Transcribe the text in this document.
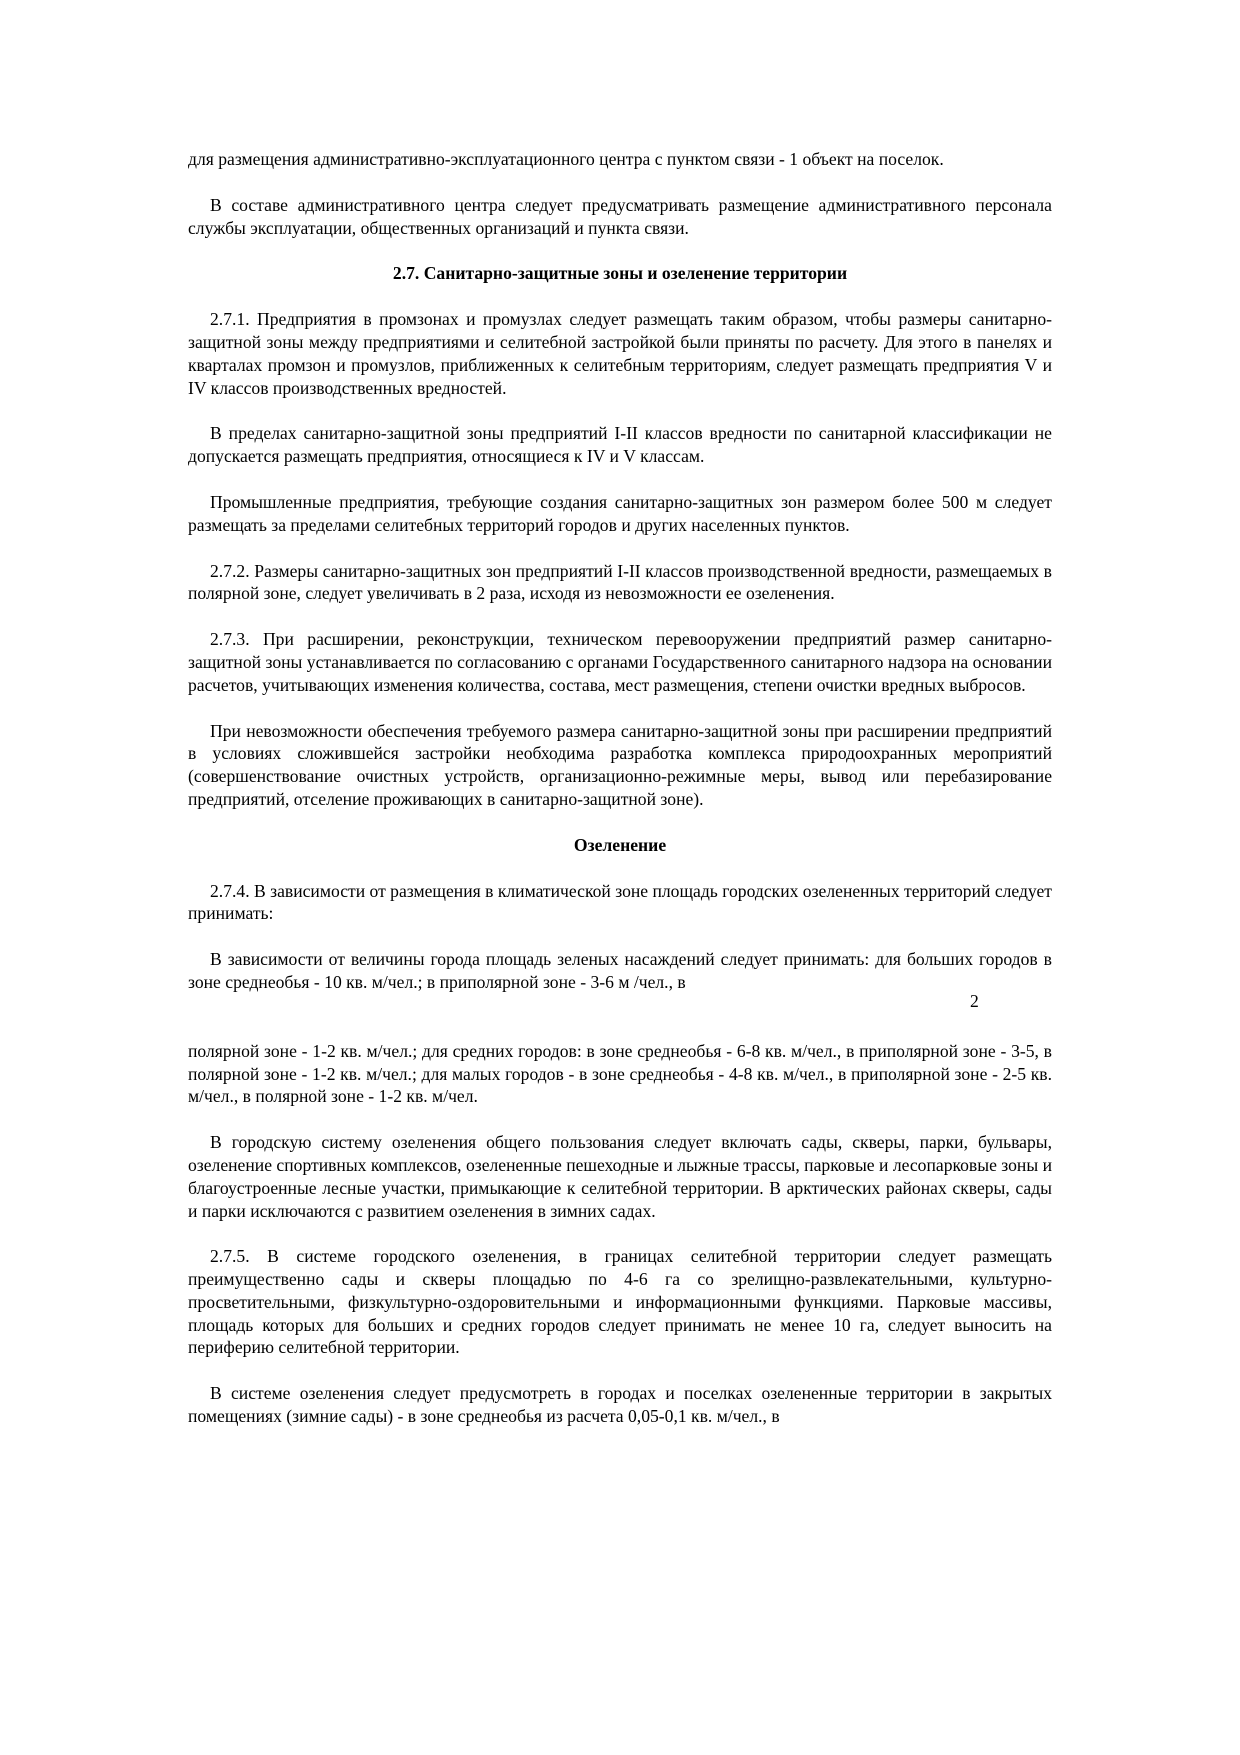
для размещения административно-эксплуатационного центра с пунктом связи - 1 объект на поселок.

В составе административного центра следует предусматривать размещение административного персонала службы эксплуатации, общественных организаций и пункта связи.

2.7. Санитарно-защитные зоны и озеленение территории

2.7.1. Предприятия в промзонах и промузлах следует размещать таким образом, чтобы размеры санитарно-защитной зоны между предприятиями и селитебной застройкой были приняты по расчету. Для этого в панелях и кварталах промзон и промузлов, приближенных к селитебным территориям, следует размещать предприятия V и IV классов производственных вредностей.

В пределах санитарно-защитной зоны предприятий I-II классов вредности по санитарной классификации не допускается размещать предприятия, относящиеся к IV и V классам.

Промышленные предприятия, требующие создания санитарно-защитных зон размером более 500 м следует размещать за пределами селитебных территорий городов и других населенных пунктов.

2.7.2. Размеры санитарно-защитных зон предприятий I-II классов производственной вредности, размещаемых в полярной зоне, следует увеличивать в 2 раза, исходя из невозможности ее озеленения.

2.7.3. При расширении, реконструкции, техническом перевооружении предприятий размер санитарно-защитной зоны устанавливается по согласованию с органами Государственного санитарного надзора на основании расчетов, учитывающих изменения количества, состава, мест размещения, степени очистки вредных выбросов.

При невозможности обеспечения требуемого размера санитарно-защитной зоны при расширении предприятий в условиях сложившейся застройки необходима разработка комплекса природоохранных мероприятий (совершенствование очистных устройств, организационно-режимные меры, вывод или перебазирование предприятий, отселение проживающих в санитарно-защитной зоне).

Озеленение

2.7.4. В зависимости от размещения в климатической зоне площадь городских озелененных территорий следует принимать:

В зависимости от величины города площадь зеленых насаждений следует принимать: для больших городов в зоне среднеобья - 10 кв. м/чел.; в приполярной зоне - 3-6 м /чел., в

2

полярной зоне - 1-2 кв. м/чел.; для средних городов: в зоне среднеобья - 6-8 кв. м/чел., в приполярной зоне - 3-5, в полярной зоне - 1-2 кв. м/чел.; для малых городов - в зоне среднеобья - 4-8 кв. м/чел., в приполярной зоне - 2-5 кв. м/чел., в полярной зоне - 1-2 кв. м/чел.

В городскую систему озеленения общего пользования следует включать сады, скверы, парки, бульвары, озеленение спортивных комплексов, озелененные пешеходные и лыжные трассы, парковые и лесопарковые зоны и благоустроенные лесные участки, примыкающие к селитебной территории. В арктических районах скверы, сады и парки исключаются с развитием озеленения в зимних садах.

2.7.5. В системе городского озеленения, в границах селитебной территории следует размещать преимущественно сады и скверы площадью по 4-6 га со зрелищно-развлекательными, культурно-просветительными, физкультурно-оздоровительными и информационными функциями. Парковые массивы, площадь которых для больших и средних городов следует принимать не менее 10 га, следует выносить на периферию селитебной территории.

В системе озеленения следует предусмотреть в городах и поселках озелененные территории в закрытых помещениях (зимние сады) - в зоне среднеобья из расчета 0,05-0,1 кв. м/чел., в
